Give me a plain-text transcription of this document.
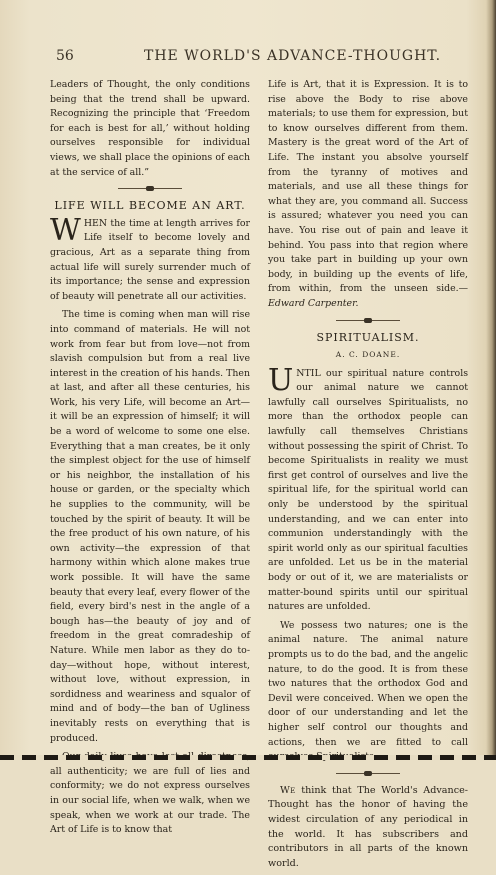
56	THE WORLD'S ADVANCE-THOUGHT.

Leaders of Thought, the only conditions being that the trend shall be upward. Recognizing the principle that ‘Freedom for each is best for all,’ without holding ourselves responsible for individual views, we shall place the opinions of each at the service of all.”

LIFE WILL BECOME AN ART.

WHEN the time at length arrives for Life itself to become lovely and gracious, Art as a separate thing from actual life will surely surrender much of its importance; the sense and expression of beauty will penetrate all our activities.

The time is coming when man will rise into command of materials. He will not work from fear but from love—not from slavish compulsion but from a real live interest in the creation of his hands. Then at last, and after all these centuries, his Work, his very Life, will become an Art—it will be an expression of himself; it will be a word of welcome to some one else. Everything that a man creates, be it only the simplest object for the use of himself or his neighbor, the installation of his house or garden, or the specialty which he supplies to the community, will be touched by the spirit of beauty. It will be the free product of his own nature, of his own activity—the expression of that harmony within which alone makes true work possible. It will have the same beauty that every leaf, every flower of the field, every bird's nest in the angle of a bough has—the beauty of joy and of freedom in the great comradeship of Nature. While men labor as they do to-day—without hope, without interest, without love, without expression, in sordidness and weariness and squalor of mind and of body—the ban of Ugliness inevitably rests on everything that is produced.

all authenticity; we are full of lies and conformity; we do not express ourselves in our social life, when we walk, when we speak, when we work at our trade. The Art of Life is to know that

Life is Art, that it is Expression. It is to rise above the Body to rise above materials; to use them for expression, but to know ourselves different from them. Mastery is the great word of the Art of Life. The instant you absolve yourself from the tyranny of motives and materials, and use all these things for what they are, you command all. Success is assured; whatever you need you can have. You rise out of pain and leave it behind. You pass into that region where you take part in building up your own body, in building up the events of life, from within, from the unseen side.—Edward Carpenter.

SPIRITUALISM.
A. C. DOANE.

UNTIL our spiritual nature controls our animal nature we cannot lawfully call ourselves Spiritualists, no more than the orthodox people can lawfully call themselves Christians without possessing the spirit of Christ. To become Spiritualists in reality we must first get control of ourselves and live the spiritual life, for the spiritual world can only be understood by the spiritual understanding, and we can enter into communion understandingly with the spirit world only as our spiritual faculties are unfolded. Let us be in the material body or out of it, we are materialists or matter-bound spirits until our spiritual natures are unfolded.

We possess two natures; one is the animal nature. The animal nature prompts us to do the bad, and the angelic nature, to do the good. It is from these two natures that the orthodox God and Devil were conceived. When we open the door of our understanding and let the higher self control our thoughts and actions, then we are fitted to call

We think that The World's Advance-Thought has the honor of having the widest circulation of any periodical in the world. It has subscribers and contributors in all parts of the known world.
